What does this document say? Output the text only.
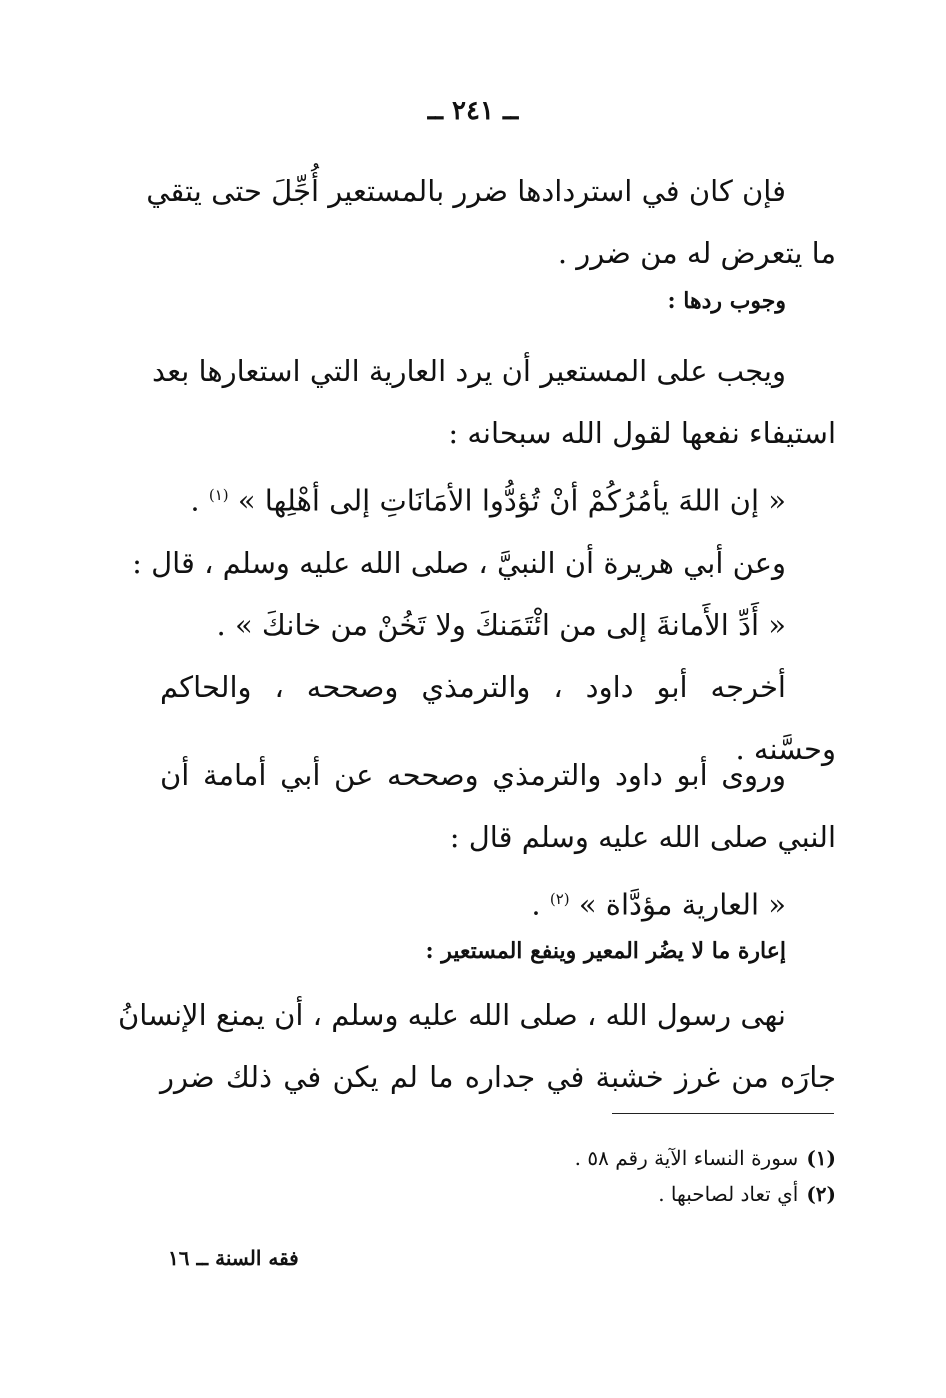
ــ ٢٤١ ــ
فإن كان في استردادها ضرر بالمستعير أُجِّلَ حتى يتقي
ما يتعرض له من ضرر .
وجوب ردها :
ويجب على المستعير أن يرد العارية التي استعارها بعد
استيفاء نفعها لقول الله سبحانه :
« إن اللهَ يأمُرُكُمْ أنْ تُؤدُّوا الأمَانَاتِ إلى أهْلِها » $^{(١)}$ .
وعن أبي هريرة أن النبيَّ ، صلى الله عليه وسلم ، قال :
« أَدِّ الأَمانةَ إلى من ائْتَمَنكَ ولا تَخُنْ من خانكَ » .
أخرجه أبو داود ، والترمذي وصححه ، والحاكم
وحسَّنه .
وروى أبو داود والترمذي وصححه عن أبي أمامة أن
النبي صلى الله عليه وسلم قال :
« العارية مؤدَّاة » $^{(٢)}$ .
إعارة ما لا يضُر المعير وينفع المستعير :
نهى رسول الله ، صلى الله عليه وسلم ، أن يمنع الإنسانُ
جارَه من غرز خشبة في جداره ما لم يكن في ذلك ضرر
(١)سورة النساء الآية رقم ٥٨ .
(٢)أي تعاد لصاحبها .
فقه السنة ــ ١٦
